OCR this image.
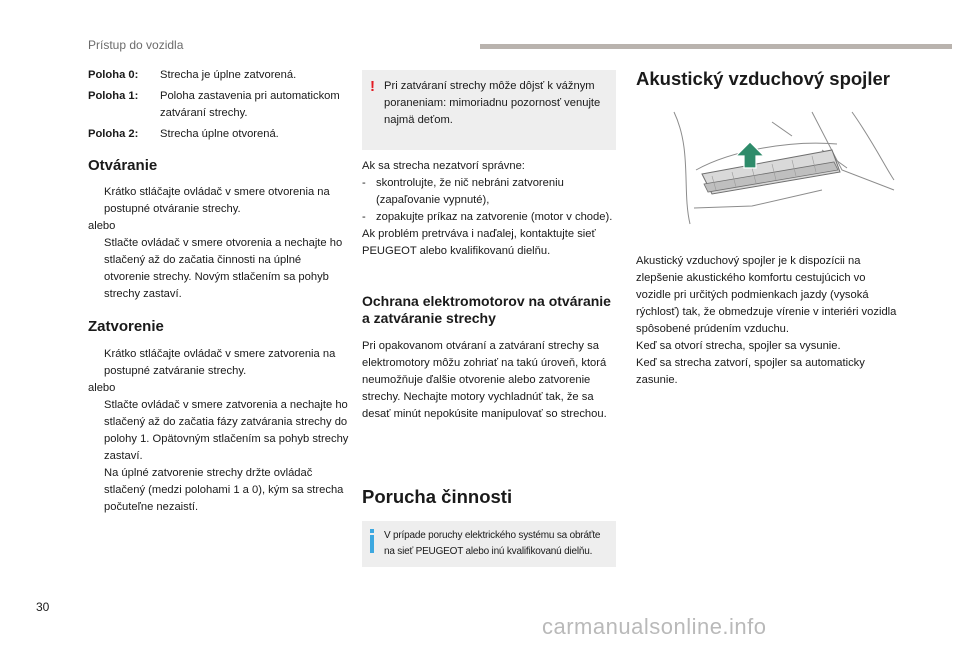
Prístup do vozidla
Poloha 0:	Strecha je úplne zatvorená.
Poloha 1:	Poloha zastavenia pri automatickom zatváraní strechy.
Poloha 2:	Strecha úplne otvorená.
Otváranie
Krátko stláčajte ovládač v smere otvorenia na postupné otváranie strechy.
alebo
Stlačte ovládač v smere otvorenia a nechajte ho stlačený až do začatia činnosti na úplné otvorenie strechy. Novým stlačením sa pohyb strechy zastaví.
Zatvorenie
Krátko stláčajte ovládač v smere zatvorenia na postupné zatváranie strechy.
alebo
Stlačte ovládač v smere zatvorenia a nechajte ho stlačený až do začatia fázy zatvárania strechy do polohy 1. Opätovným stlačením sa pohyb strechy zastaví.
Na úplné zatvorenie strechy držte ovládač stlačený (medzi polohami 1 a 0), kým sa strecha počuteľne nezaistí.
! Pri zatváraní strechy môže dôjsť k vážnym poraneniam: mimoriadnu pozornosť venujte najmä deťom.
Ak sa strecha nezatvorí správne:
- skontrolujte, že nič nebráni zatvoreniu (zapaľovanie vypnuté),
- zopakujte príkaz na zatvorenie (motor v chode).
Ak problém pretrváva i naďalej, kontaktujte sieť PEUGEOT alebo kvalifikovanú dielňu.
Ochrana elektromotorov na otváranie a zatváranie strechy
Pri opakovanom otváraní a zatváraní strechy sa elektromotory môžu zohriať na takú úroveň, ktorá neumožňuje ďalšie otvorenie alebo zatvorenie strechy. Nechajte motory vychladnúť tak, že sa desať minút nepokúsite manipulovať so strechou.
Porucha činnosti
V prípade poruchy elektrického systému sa obráťte na sieť PEUGEOT alebo inú kvalifikovanú dielňu.
Akustický vzduchový spojler
Akustický vzduchový spojler je k dispozícii na zlepšenie akustického komfortu cestujúcich vo vozidle pri určitých podmienkach jazdy (vysoká rýchlosť) tak, že obmedzuje vírenie v interiéri vozidla spôsobené prúdením vzduchu.
Keď sa otvorí strecha, spojler sa vysunie.
Keď sa strecha zatvorí, spojler sa automaticky zasunie.
30
carmanualsonline.info
